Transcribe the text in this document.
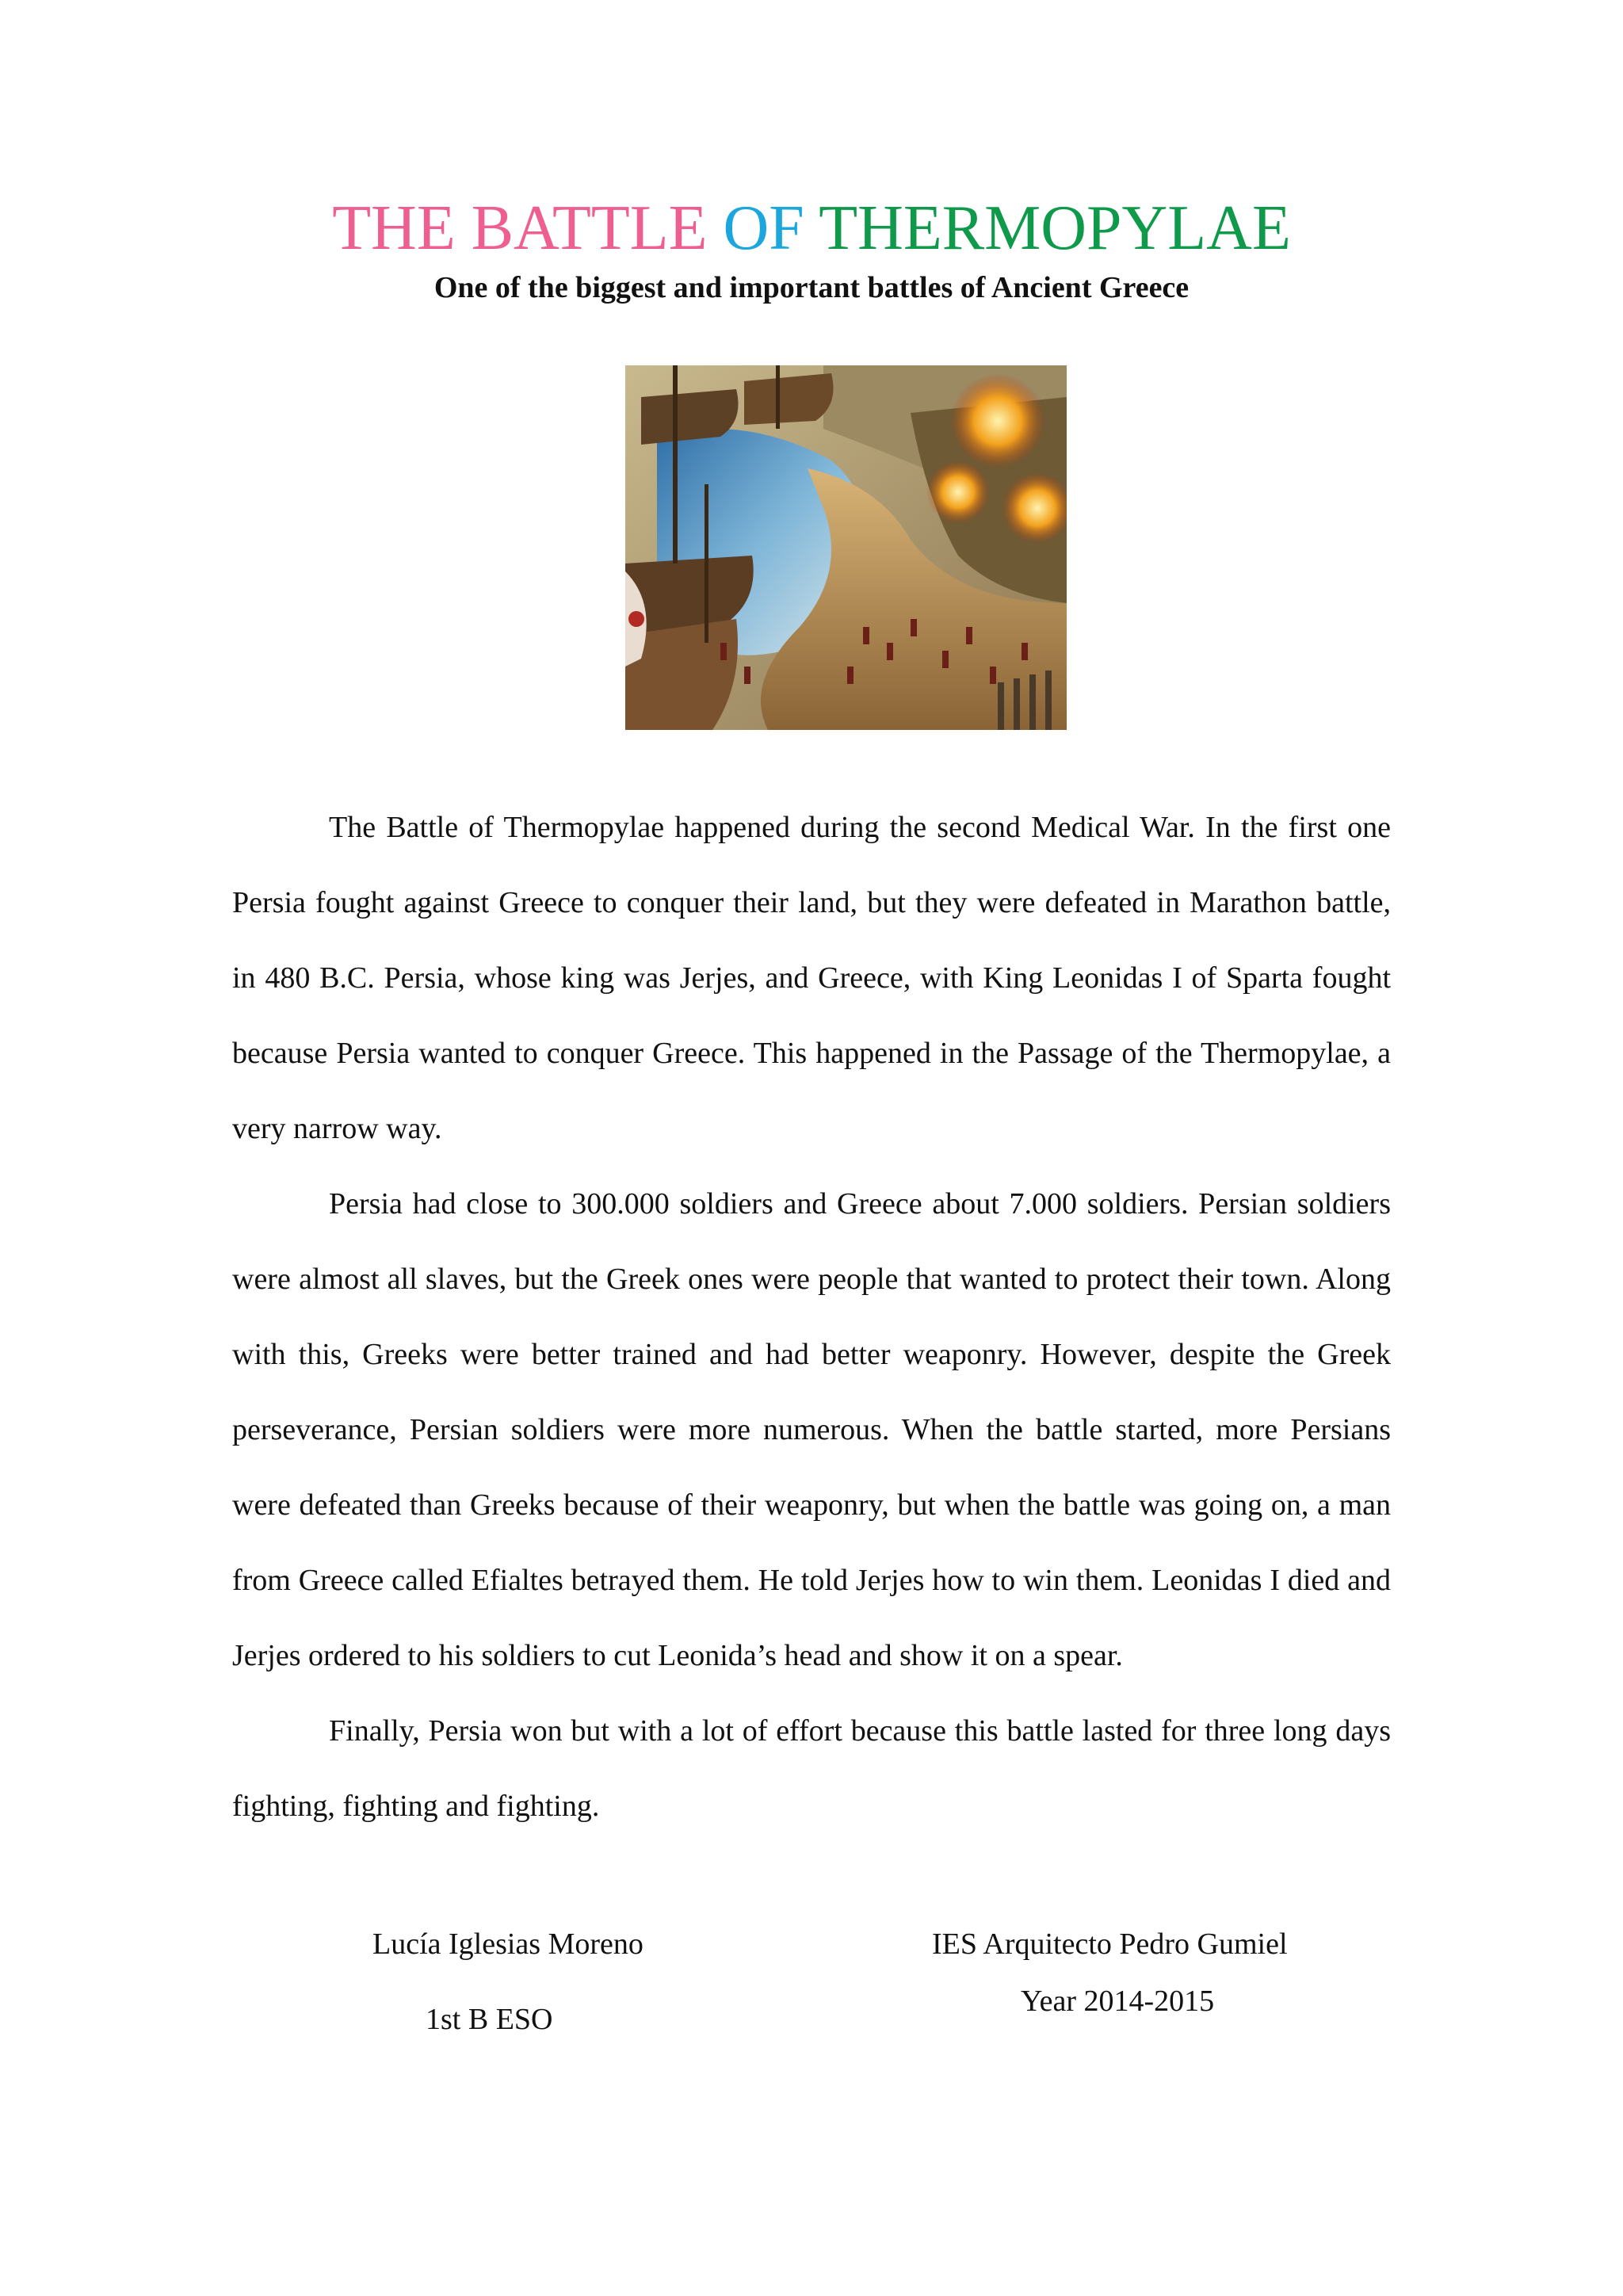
THE BATTLE OF THERMOPYLAE
One of the biggest and important battles of Ancient Greece

The Battle of Thermopylae happened during the second Medical War. In the first one Persia fought against Greece to conquer their land, but they were defeated in Marathon battle, in 480 B.C. Persia, whose king was Jerjes, and Greece, with King Leonidas I of Sparta fought because Persia wanted to conquer Greece. This happened in the Passage of the Thermopylae, a very narrow way.

Persia had close to 300.000 soldiers and Greece about 7.000 soldiers. Persian soldiers were almost all slaves, but the Greek ones were people that wanted to protect their town. Along with this, Greeks were better trained and had better weaponry. However, despite the Greek perseverance, Persian soldiers were more numerous. When the battle started, more Persians were defeated than Greeks because of their weaponry, but when the battle was going on, a man from Greece called Efialtes betrayed them. He told Jerjes how to win them. Leonidas I died and Jerjes ordered to his soldiers to cut Leonida’s head and show it on a spear.

Finally, Persia won but with a lot of effort because this battle lasted for three long days fighting, fighting and fighting.

Lucía Iglesias Moreno
1st B ESO
IES Arquitecto Pedro Gumiel
Year 2014-2015
